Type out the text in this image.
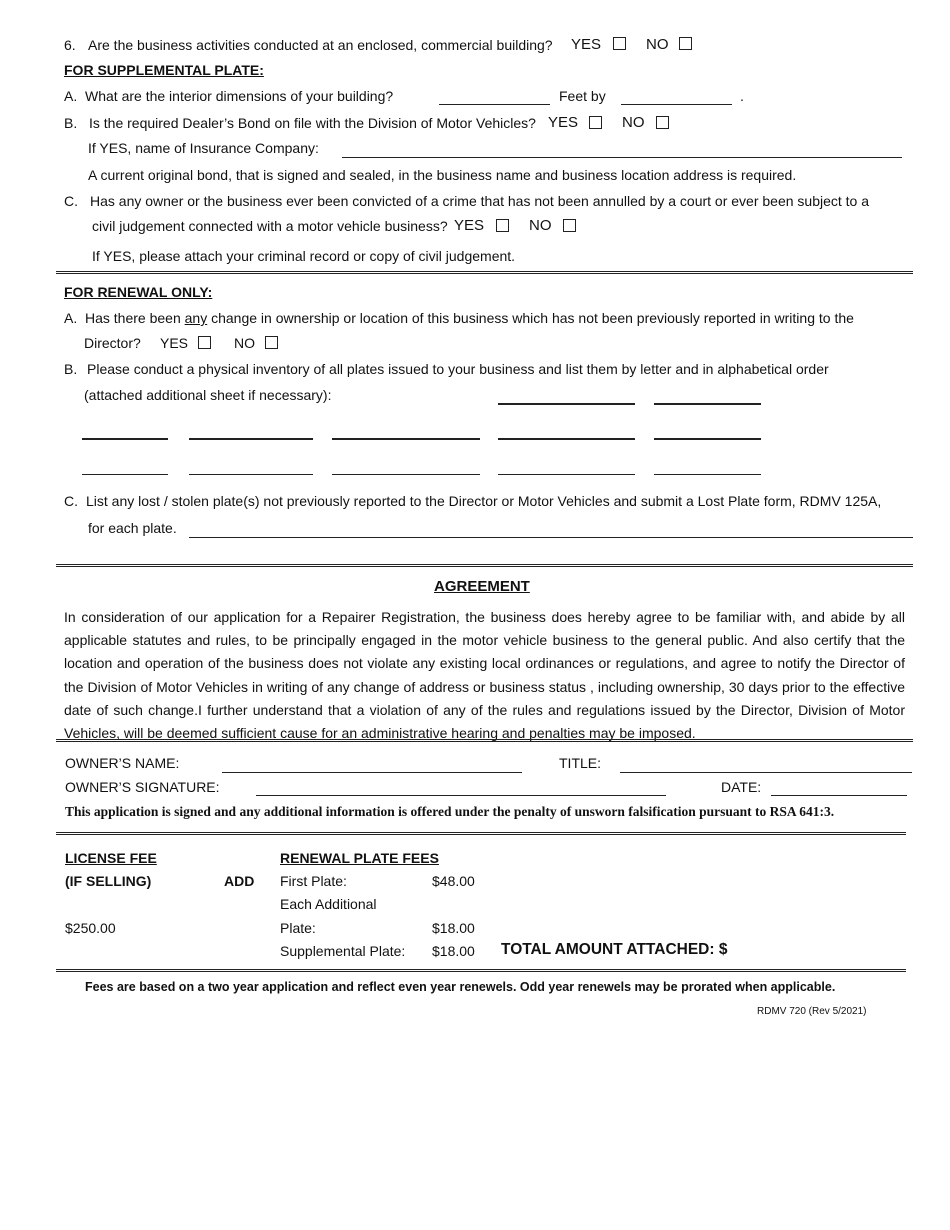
6. Are the business activities conducted at an enclosed, commercial building? YES	NO
FOR SUPPLEMENTAL PLATE:
A. What are the interior dimensions of your building?	Feet by	.
B. Is the required Dealer’s Bond on file with the Division of Motor Vehicles? YES	NO
If YES, name of Insurance Company:
A current original bond, that is signed and sealed, in the business name and business location address is required.
C. Has any owner or the business ever been convicted of a crime that has not been annulled by a court or ever been subject to a
civil judgement connected with a motor vehicle business? YES	NO
If YES, please attach your criminal record or copy of civil judgement.
FOR RENEWAL ONLY:
A. Has there been any change in ownership or location of this business which has not been previously reported in writing to the
Director? YES	NO
B. Please conduct a physical inventory of all plates issued to your business and list them by letter and in alphabetical order
(attached additional sheet if necessary):
C. List any lost / stolen plate(s) not previously reported to the Director or Motor Vehicles and submit a Lost Plate form, RDMV 125A,
for each plate.
AGREEMENT
In consideration of our application for a Repairer Registration, the business does hereby agree to be familiar with, and abide by all applicable statutes and rules, to be principally engaged in the motor vehicle business to the general public. And also certify that the location and operation of the business does not violate any existing local ordinances or regulations, and agree to notify the Director of the Division of Motor Vehicles in writing of any change of address or business status , including ownership, 30 days prior to the effective date of such change.I further understand that a violation of any of the rules and regulations issued by the Director, Division of Motor Vehicles, will be deemed sufficient cause for an administrative hearing and penalties may be imposed.
OWNER’S NAME:	TITLE:
OWNER’S SIGNATURE:	DATE:
This application is signed and any additional information is offered under the penalty of unsworn falsification pursuant to RSA 641:3.
LICENSE FEE
(IF SELLING)	ADD
$250.00
RENEWAL PLATE FEES
First Plate:	$48.00
Each Additional
Plate:	$18.00
Supplemental Plate: $18.00 TOTAL AMOUNT ATTACHED: $
Fees are based on a two year application and reflect even year renewels. Odd year renewels may be prorated when applicable.
RDMV 720 (Rev 5/2021)
